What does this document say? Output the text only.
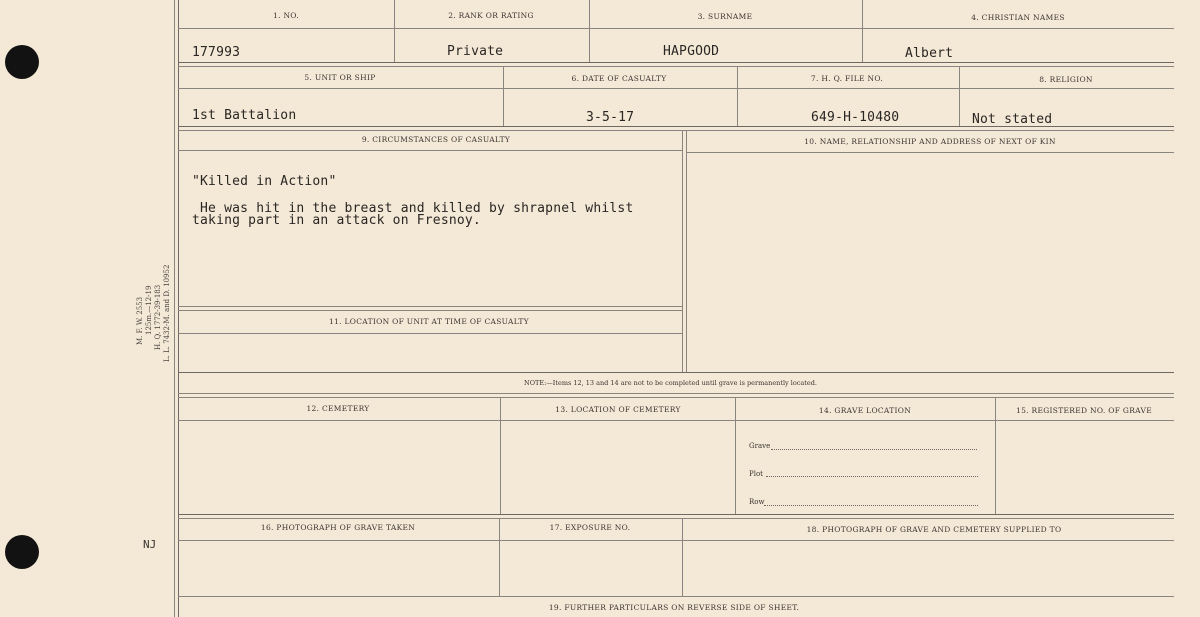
M. F. W. 2553 125m.—12-19 H. Q. 1772-39-183 L. L. 7432-M. and D. 10952
NJ
1. NO.	2. RANK OR RATING	3. SURNAME	4. CHRISTIAN NAMES
177993	Private	HAPGOOD	Albert
5. UNIT OR SHIP	6. DATE OF CASUALTY	7. H. Q. FILE NO.	8. RELIGION
1st Battalion	3-5-17	649-H-10480	Not stated
9. CIRCUMSTANCES OF CASUALTY	10. NAME, RELATIONSHIP AND ADDRESS OF NEXT OF KIN
"Killed in Action"
He was hit in the breast and killed by shrapnel whilst
taking part in an attack on Fresnoy.
11. LOCATION OF UNIT AT TIME OF CASUALTY
NOTE:—Items 12, 13 and 14 are not to be completed until grave is permanently located.
12. CEMETERY	13. LOCATION OF CEMETERY	14. GRAVE LOCATION	15. REGISTERED NO. OF GRAVE
Grave
Plot
Row
16. PHOTOGRAPH OF GRAVE TAKEN	17. EXPOSURE NO.	18. PHOTOGRAPH OF GRAVE AND CEMETERY SUPPLIED TO
19. FURTHER PARTICULARS ON REVERSE SIDE OF SHEET.
